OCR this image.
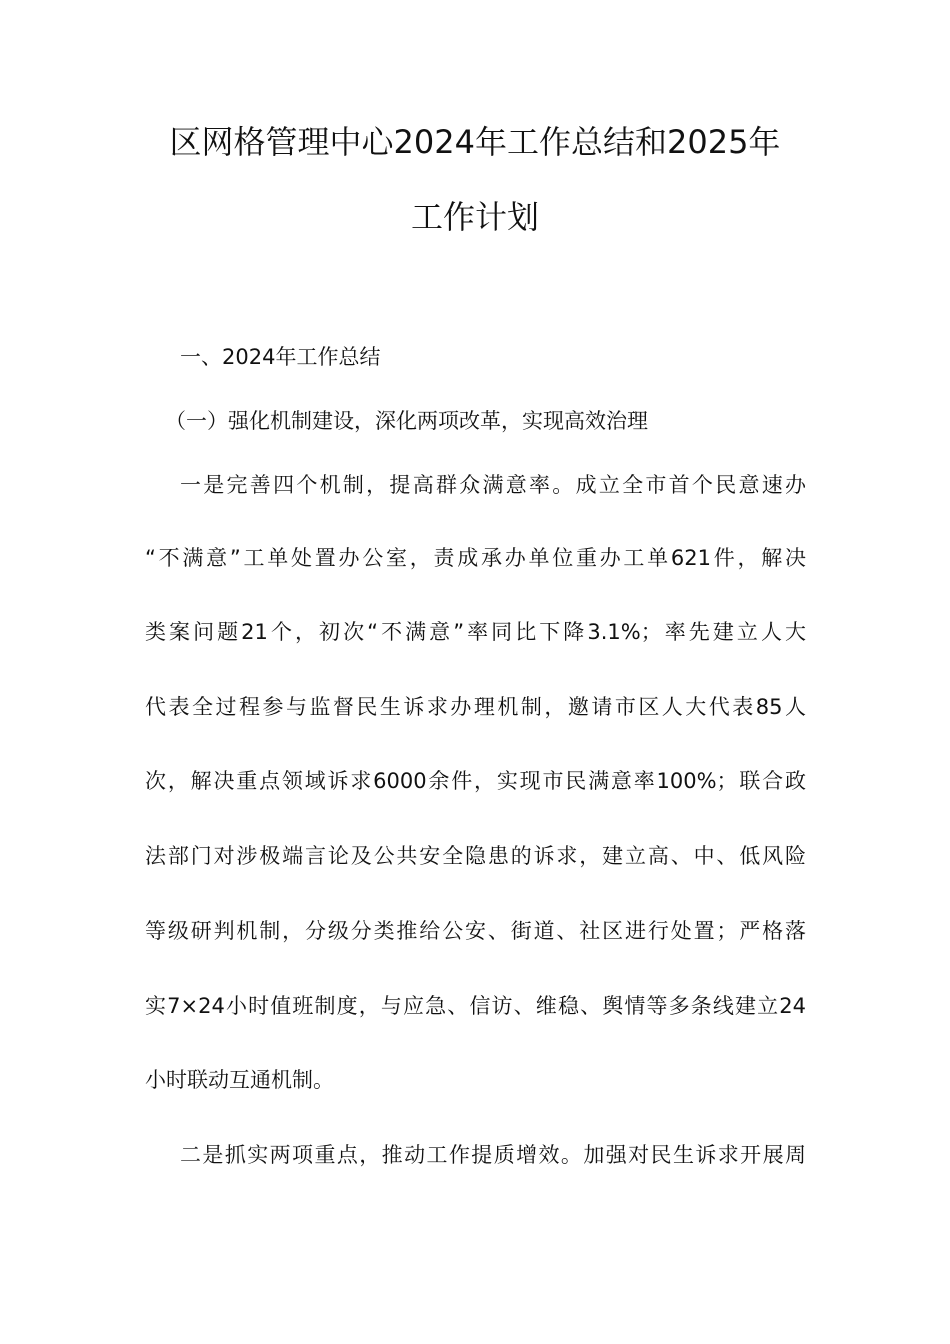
区网格管理中心2024年工作总结和2025年
工作计划
一、2024年工作总结
（一）强化机制建设，深化两项改革，实现高效治理
一是完善四个机制，提高群众满意率。成立全市首个民意速办
“不满意”工单处置办公室，责成承办单位重办工单621件，解决
类案问题21个，初次“不满意”率同比下降3.1%；率先建立人大
代表全过程参与监督民生诉求办理机制，邀请市区人大代表85人
次，解决重点领域诉求6000余件，实现市民满意率100%；联合政
法部门对涉极端言论及公共安全隐患的诉求，建立高、中、低风险
等级研判机制，分级分类推给公安、街道、社区进行处置；严格落
实7×24小时值班制度，与应急、信访、维稳、舆情等多条线建立24
小时联动互通机制。
二是抓实两项重点，推动工作提质增效。加强对民生诉求开展周
